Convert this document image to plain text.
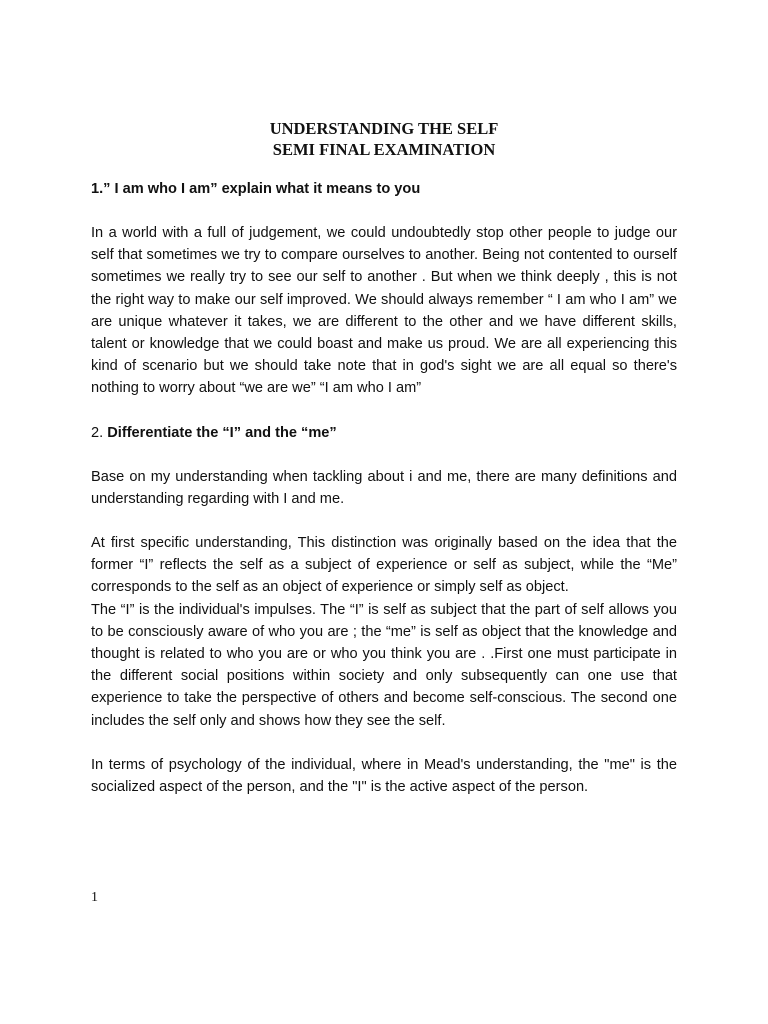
UNDERSTANDING THE SELF

SEMI FINAL EXAMINATION

1.” I am who I am” explain what it means to you

In a world with a full of judgement, we could undoubtedly stop other people to judge our self that sometimes we try to compare ourselves to another. Being not contented to ourself sometimes we really try to see our self to another . But when we think deeply , this is not the right way to make our self improved. We should always remember “ I am who I am” we are unique whatever it takes, we are different to the other and we have different skills, talent or knowledge that we could boast and make us proud. We are all experiencing this kind of scenario but we should take note that in god's sight we are all equal so there's nothing to worry about “we are we” “I am who I am”

2. Differentiate the “I” and the “me”

Base on my understanding when tackling about i and me, there are many definitions and understanding regarding with I and me.

At first specific understanding, This distinction was originally based on the idea that the former “I” reflects the self as a subject of experience or self as subject, while the “Me” corresponds to the self as an object of experience or simply self as object.

The “I” is the individual's impulses. The “I” is self as subject that the part of self allows you to be consciously aware of who you are ; the “me” is self as object that the knowledge and thought is related to who you are or who you think you are . .First one must participate in the different social positions within society and only subsequently can one use that experience to take the perspective of others and become self-conscious. The second one includes the self only and shows how they see the self.

In terms of psychology of the individual, where in Mead's understanding, the "me" is the socialized aspect of the person, and the "I" is the active aspect of the person.

1
